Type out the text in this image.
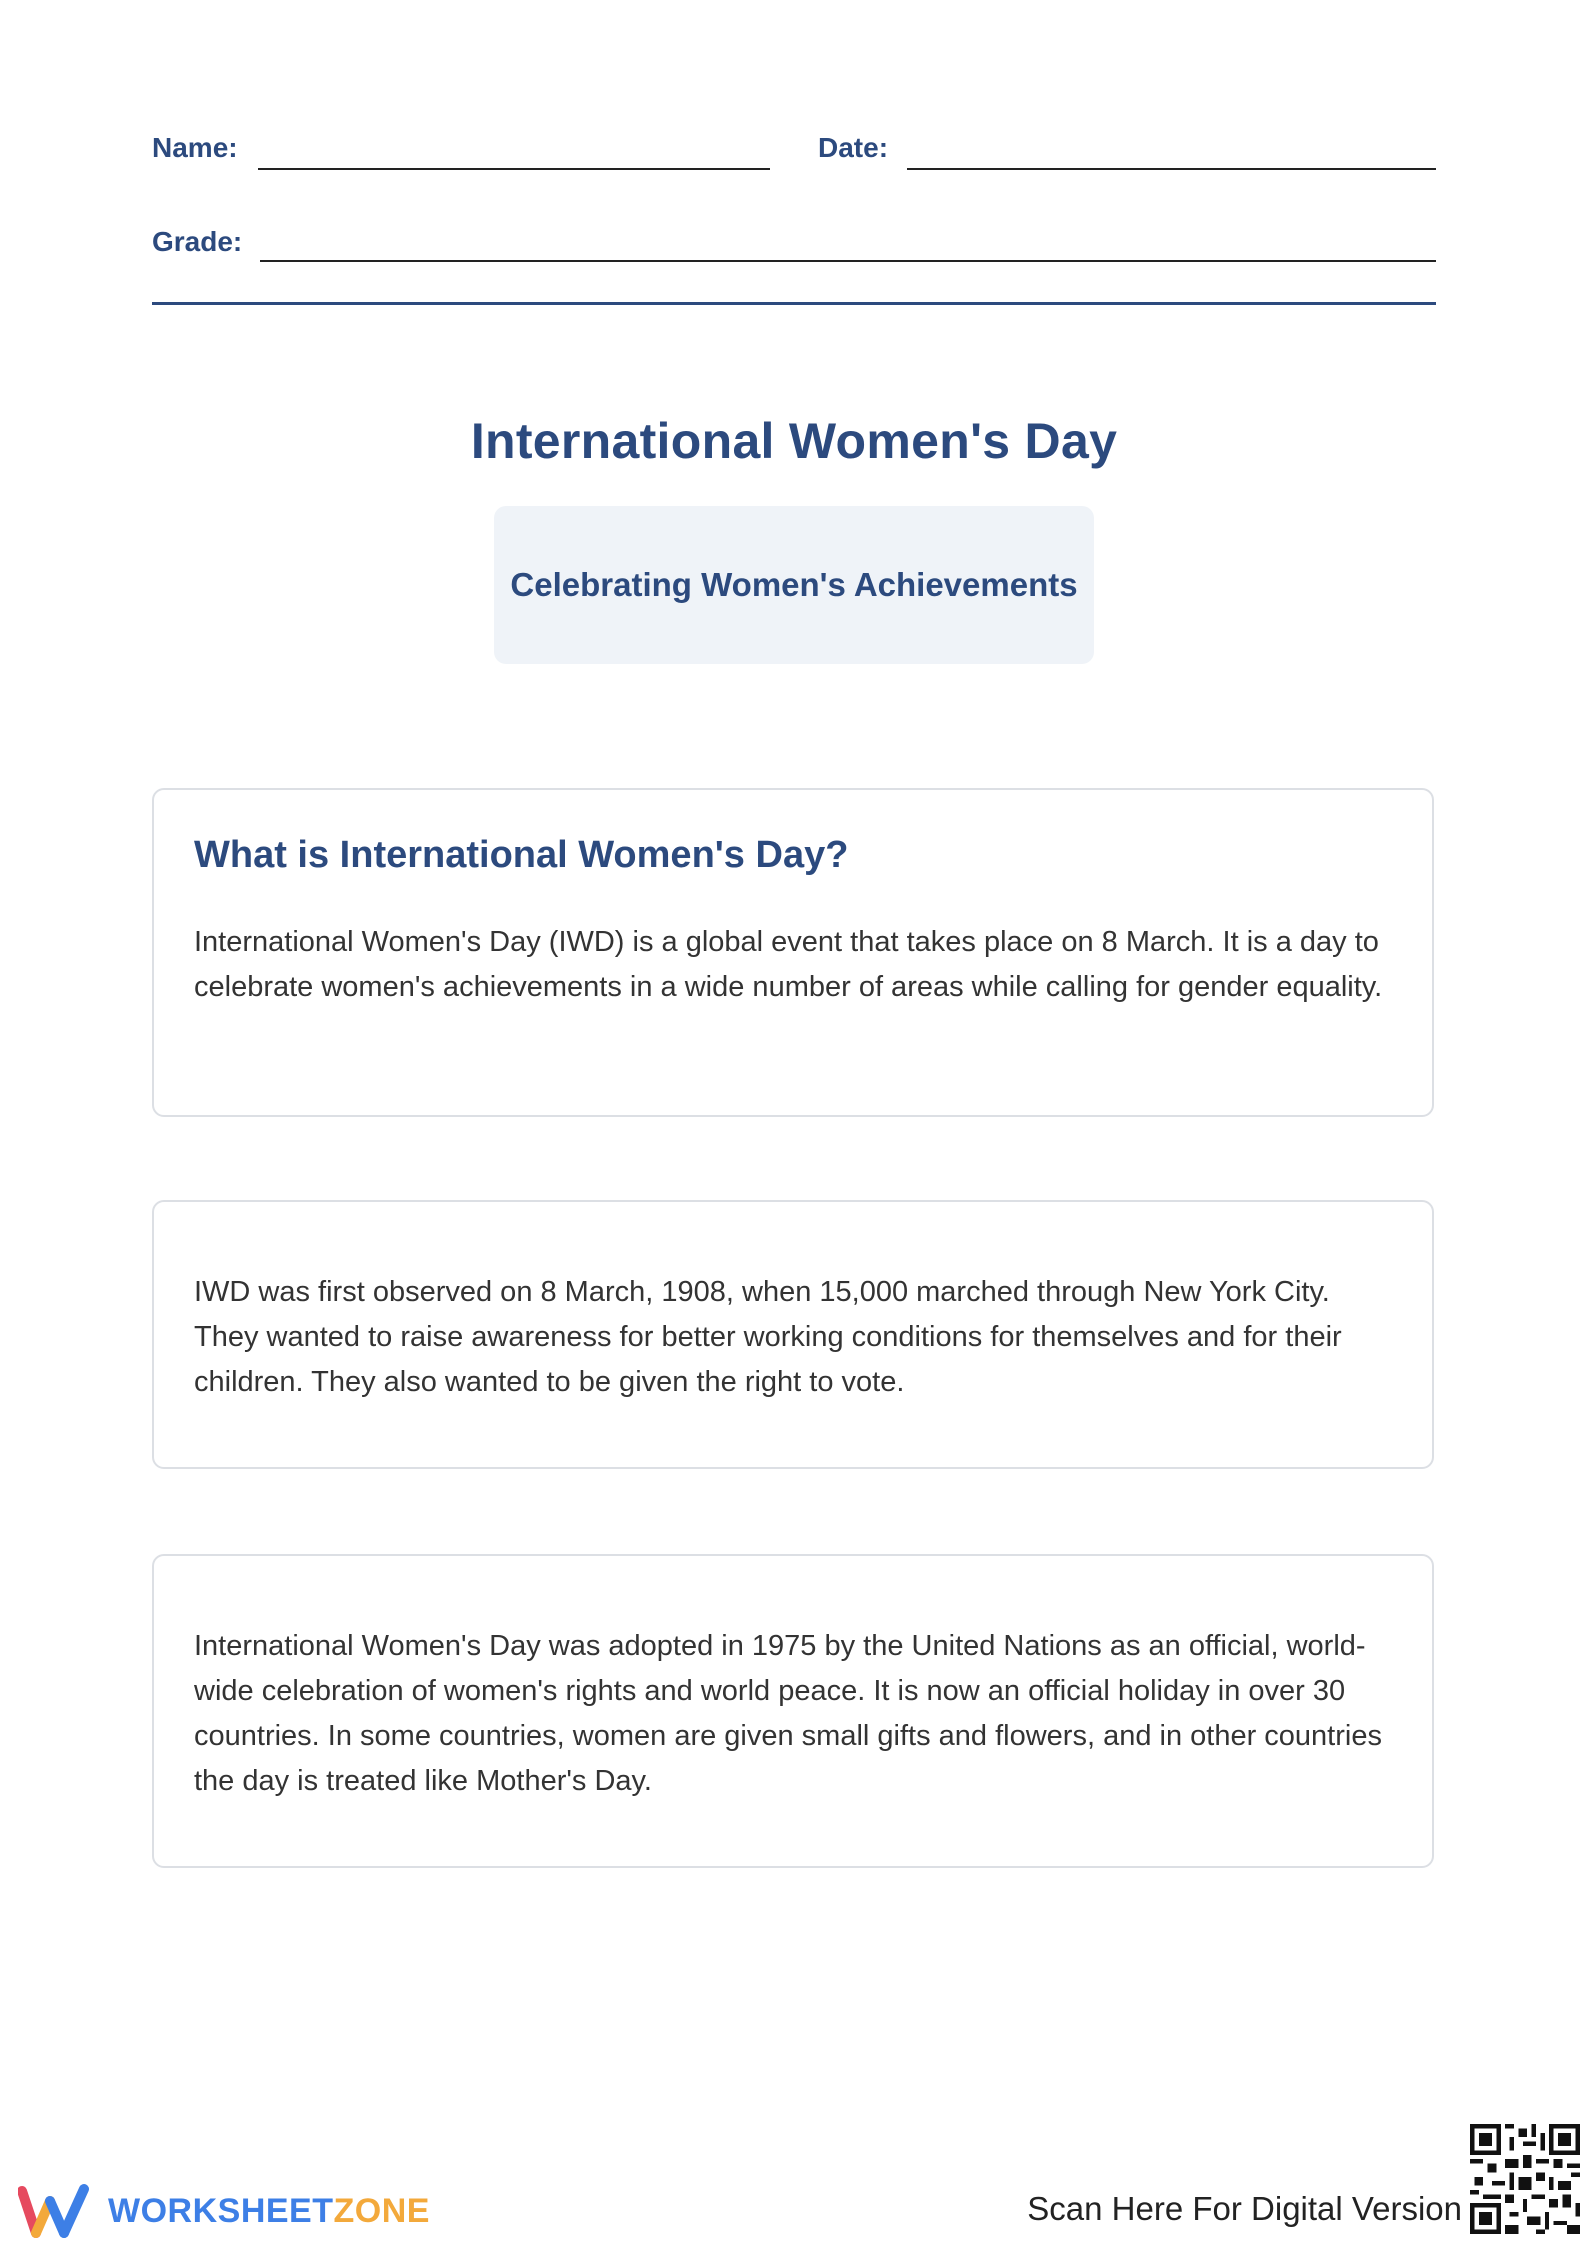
Name:	Date:
Grade:
International Women's Day
Celebrating Women's Achievements
What is International Women's Day?

International Women's Day (IWD) is a global event that takes place on 8 March. It is a day to celebrate women's achievements in a wide number of areas while calling for gender equality.

IWD was first observed on 8 March, 1908, when 15,000 marched through New York City. They wanted to raise awareness for better working conditions for themselves and for their children. They also wanted to be given the right to vote.

International Women's Day was adopted in 1975 by the United Nations as an official, world-wide celebration of women's rights and world peace. It is now an official holiday in over 30 countries. In some countries, women are given small gifts and flowers, and in other countries the day is treated like Mother's Day.

WORKSHEETZONE	Scan Here For Digital Version
